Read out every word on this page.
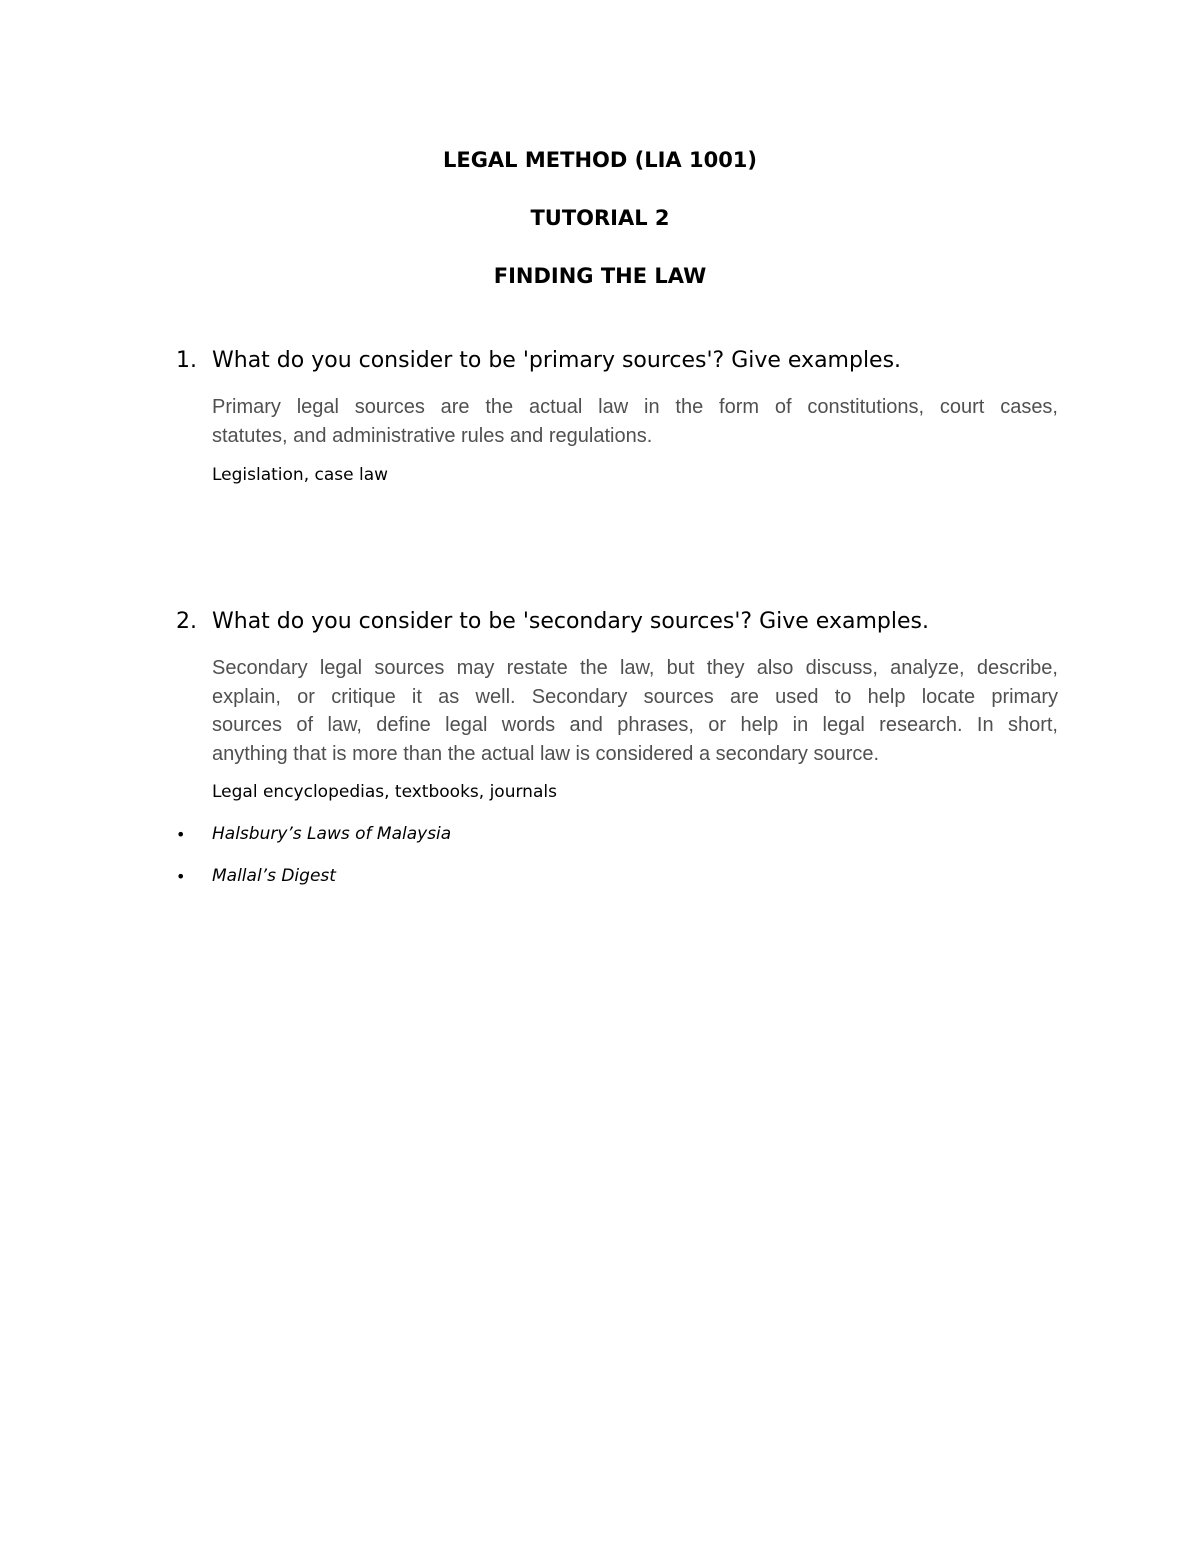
LEGAL METHOD (LIA 1001)
TUTORIAL 2
FINDING THE LAW
1. What do you consider to be 'primary sources'? Give examples.
Primary legal sources are the actual law in the form of constitutions, court cases,
statutes, and administrative rules and regulations.
Legislation, case law
2. What do you consider to be 'secondary sources'? Give examples.
Secondary legal sources may restate the law, but they also discuss, analyze, describe,
explain, or critique it as well. Secondary sources are used to help locate primary
sources of law, define legal words and phrases, or help in legal research. In short,
anything that is more than the actual law is considered a secondary source.
Legal encyclopedias, textbooks, journals
• Halsbury’s Laws of Malaysia
• Mallal’s Digest
